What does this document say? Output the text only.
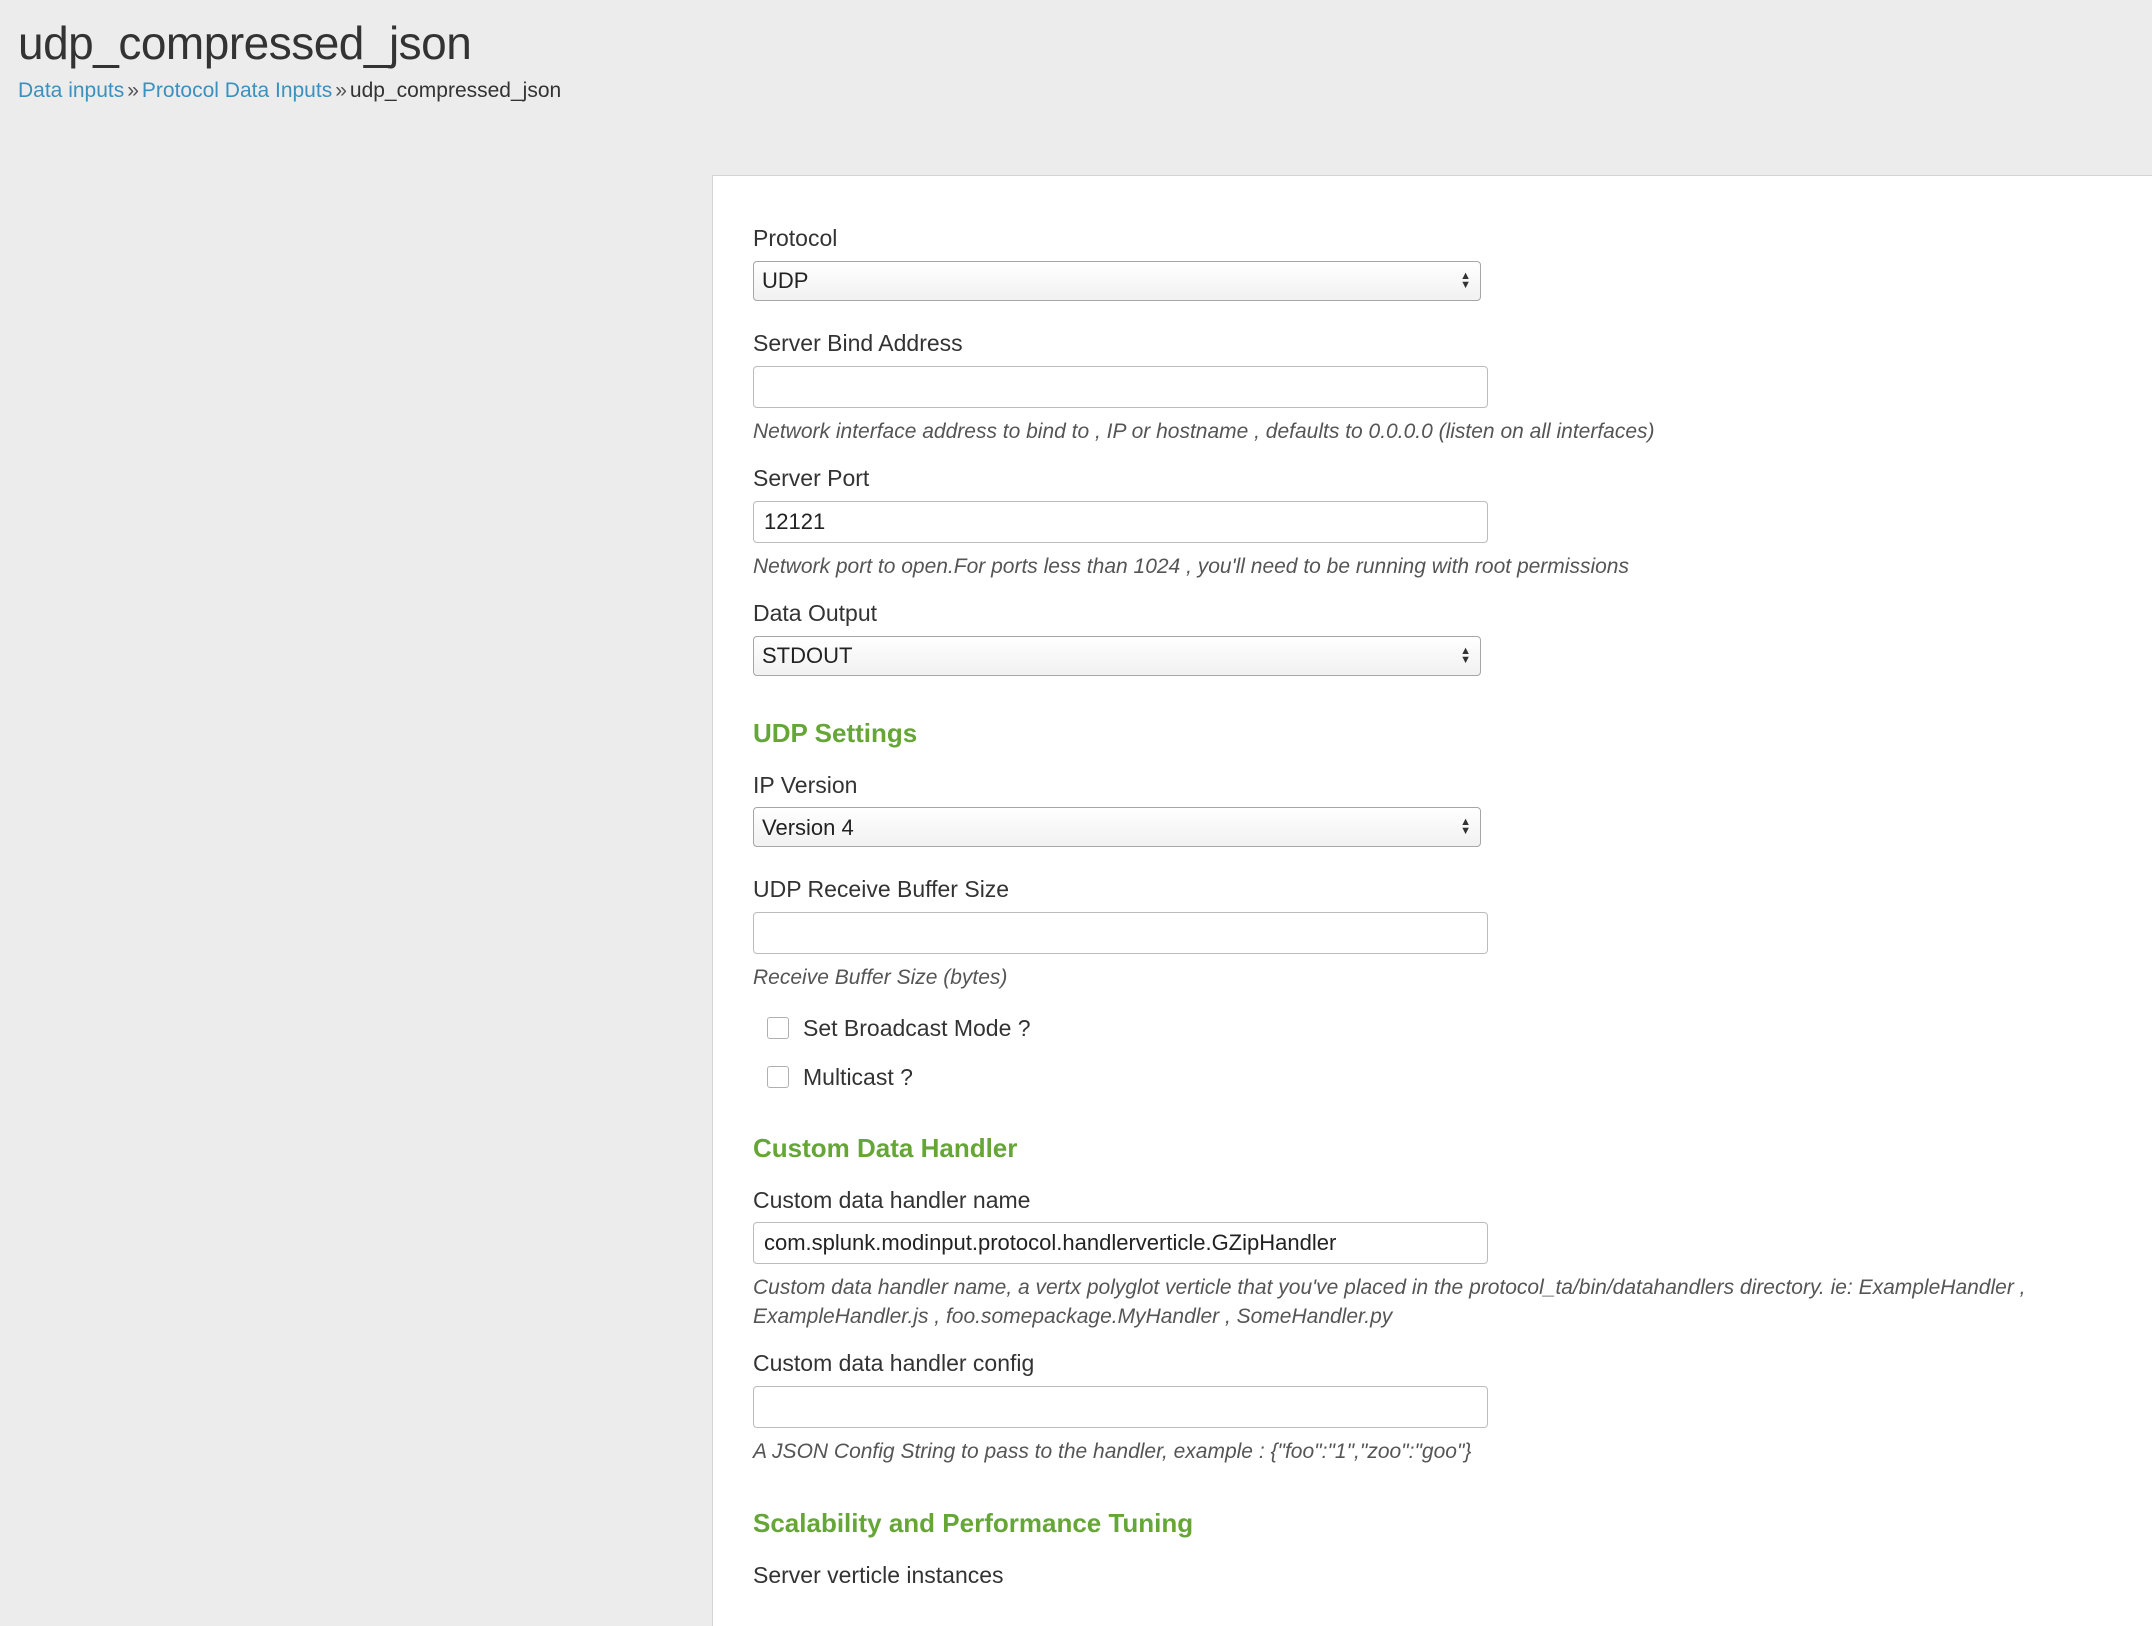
udp_compressed_json
Data inputs » Protocol Data Inputs » udp_compressed_json
Protocol
UDP
▲
▼
Server Bind Address
Network interface address to bind to , IP or hostname , defaults to 0.0.0.0 (listen on all interfaces)
Server Port
12121
Network port to open.For ports less than 1024 , you'll need to be running with root permissions
Data Output
STDOUT
▲
▼
UDP Settings
IP Version
Version 4
▲
▼
UDP Receive Buffer Size
Receive Buffer Size (bytes)
Set Broadcast Mode ?
Multicast ?
Custom Data Handler
Custom data handler name
com.splunk.modinput.protocol.handlerverticle.GZipHandler
Custom data handler name, a vertx polyglot verticle that you've placed in the protocol_ta/bin/datahandlers directory. ie: ExampleHandler , ExampleHandler.js , foo.somepackage.MyHandler , SomeHandler.py
Custom data handler config
A JSON Config String to pass to the handler, example : {"foo":"1","zoo":"goo"}
Scalability and Performance Tuning
Server verticle instances
